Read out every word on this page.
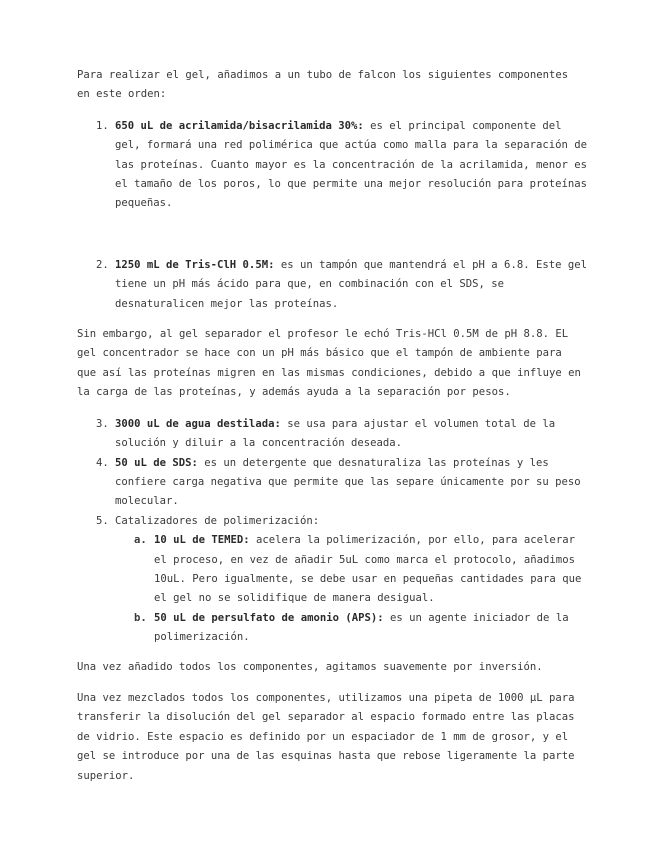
Para realizar el gel, añadimos a un tubo de falcon los siguientes componentes en este orden:

1. 650 uL de acrilamida/bisacrilamida 30%: es el principal componente del gel, formará una red polimérica que actúa como malla para la separación de las proteínas. Cuanto mayor es la concentración de la acrilamida, menor es el tamaño de los poros, lo que permite una mejor resolución para proteínas pequeñas.
2. 1250 mL de Tris-ClH 0.5M: es un tampón que mantendrá el pH a 6.8. Este gel tiene un pH más ácido para que, en combinación con el SDS, se desnaturalicen mejor las proteínas.

Sin embargo, al gel separador el profesor le echó Tris-HCl 0.5M de pH 8.8. EL gel concentrador se hace con un pH más básico que el tampón de ambiente para que así las proteínas migren en las mismas condiciones, debido a que influye en la carga de las proteínas, y además ayuda a la separación por pesos.

3. 3000 uL de agua destilada: se usa para ajustar el volumen total de la solución y diluir a la concentración deseada.
4. 50 uL de SDS: es un detergente que desnaturaliza las proteínas y les confiere carga negativa que permite que las separe únicamente por su peso molecular.
5. Catalizadores de polimerización:
a. 10 uL de TEMED: acelera la polimerización, por ello, para acelerar el proceso, en vez de añadir 5uL como marca el protocolo, añadimos 10uL. Pero igualmente, se debe usar en pequeñas cantidades para que el gel no se solidifique de manera desigual.
b. 50 uL de persulfato de amonio (APS): es un agente iniciador de la polimerización.

Una vez añadido todos los componentes, agitamos suavemente por inversión.

Una vez mezclados todos los componentes, utilizamos una pipeta de 1000 µL para transferir la disolución del gel separador al espacio formado entre las placas de vidrio. Este espacio es definido por un espaciador de 1 mm de grosor, y el gel se introduce por una de las esquinas hasta que rebose ligeramente la parte superior.
